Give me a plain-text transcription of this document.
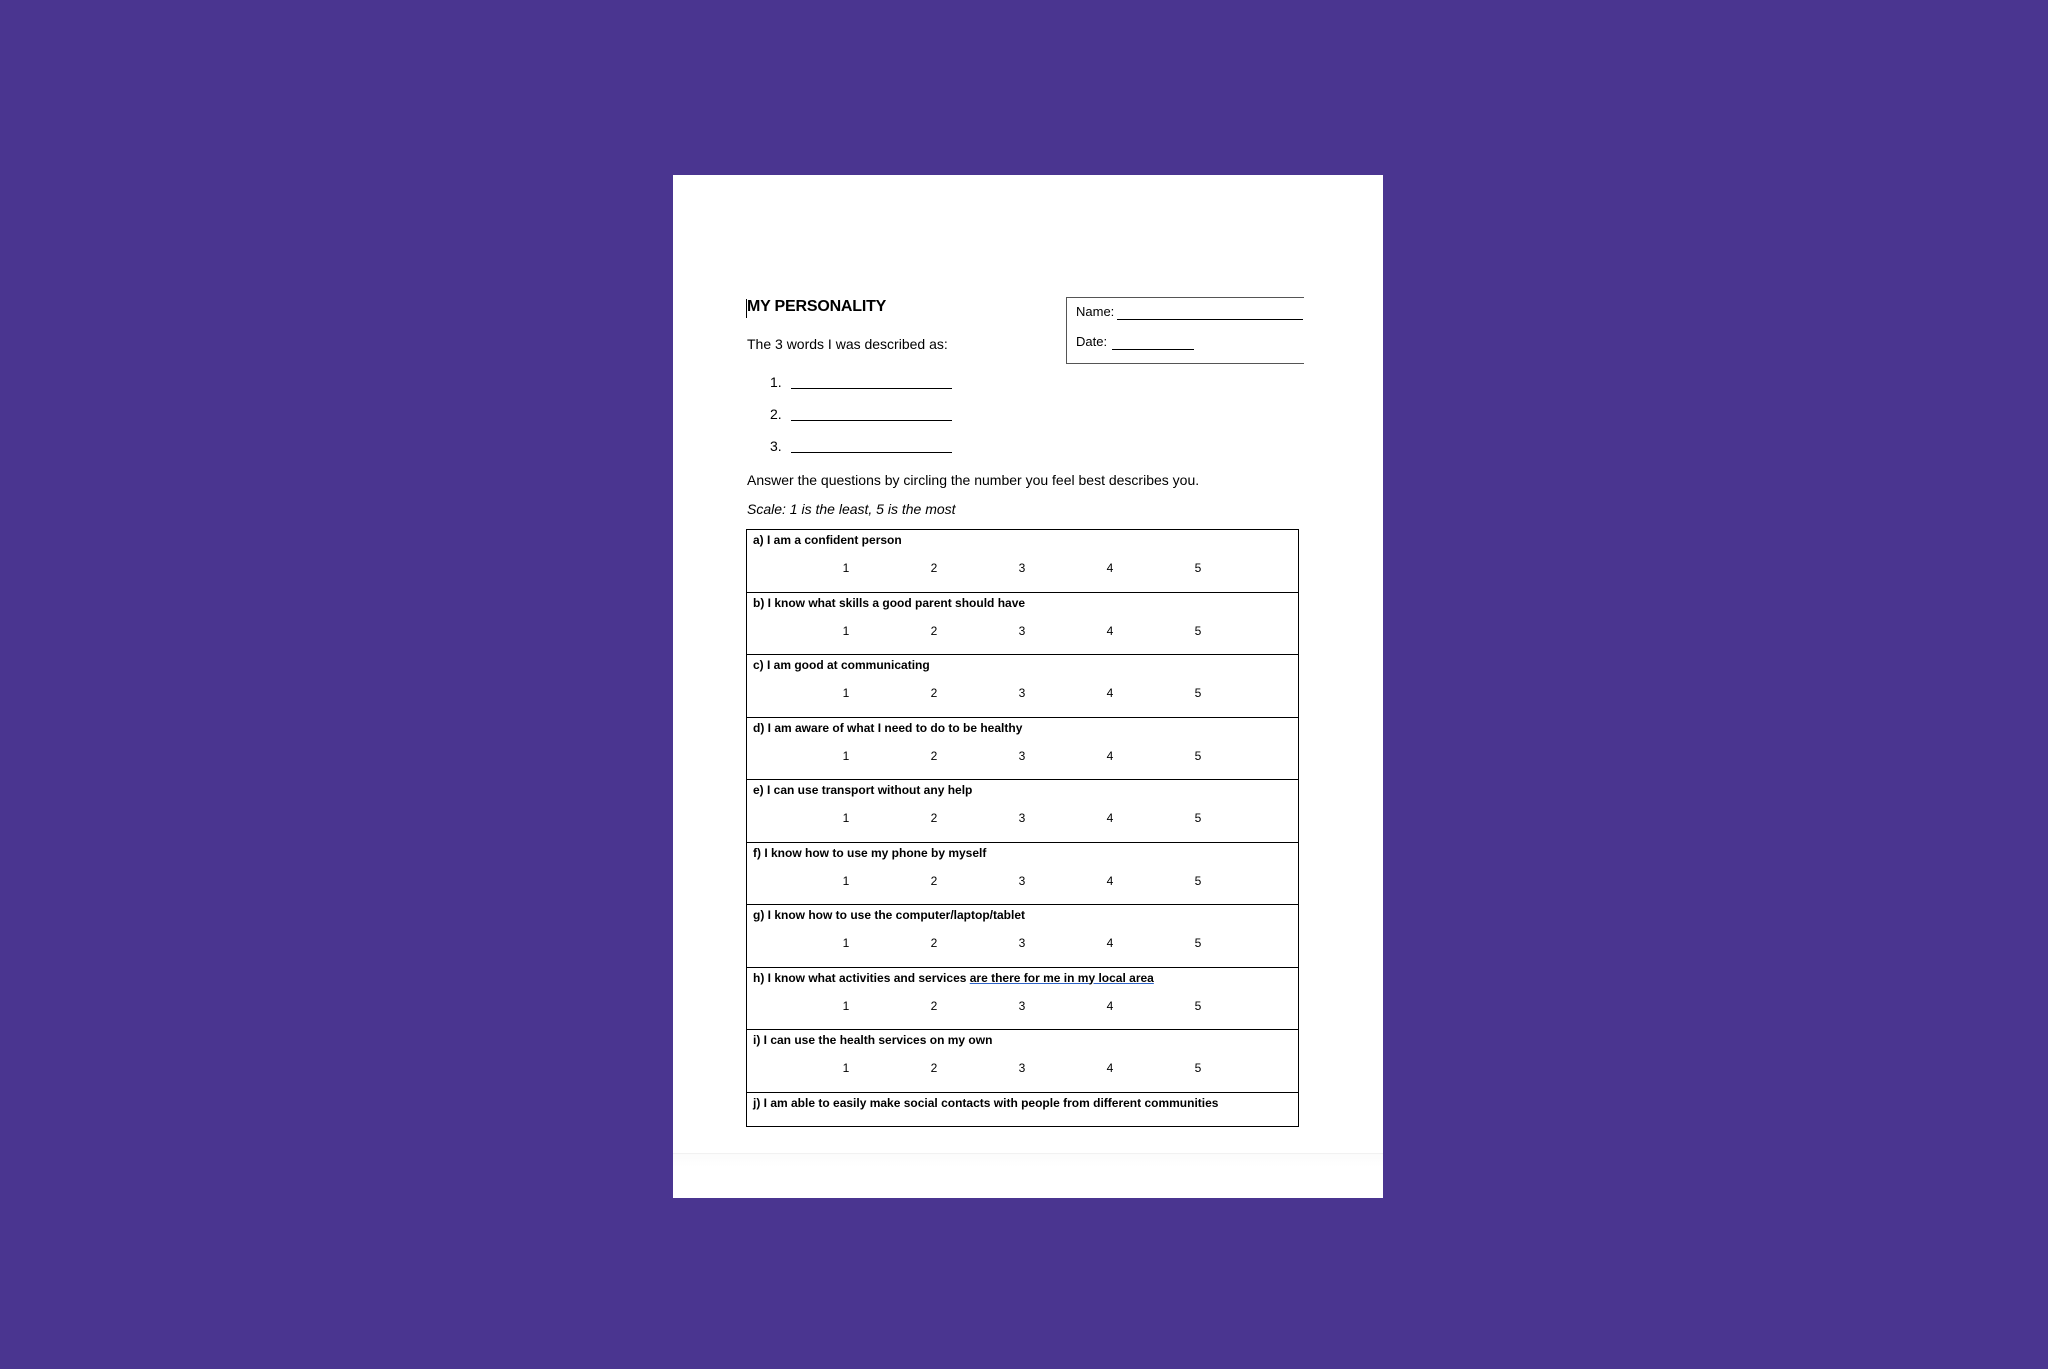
MY PERSONALITY	Name:
Date:
The 3 words I was described as:
1.
2.
3.
Answer the questions by circling the number you feel best describes you.
Scale: 1 is the least, 5 is the most
a) I am a confident person
1	2	3	4	5
b) I know what skills a good parent should have
1	2	3	4	5
c) I am good at communicating
1	2	3	4	5
d) I am aware of what I need to do to be healthy
1	2	3	4	5
e) I can use transport without any help
1	2	3	4	5
f) I know how to use my phone by myself
1	2	3	4	5
g) I know how to use the computer/laptop/tablet
1	2	3	4	5
h) I know what activities and services are there for me in my local area
1	2	3	4	5
i) I can use the health services on my own
1	2	3	4	5
j) I am able to easily make social contacts with people from different communities
